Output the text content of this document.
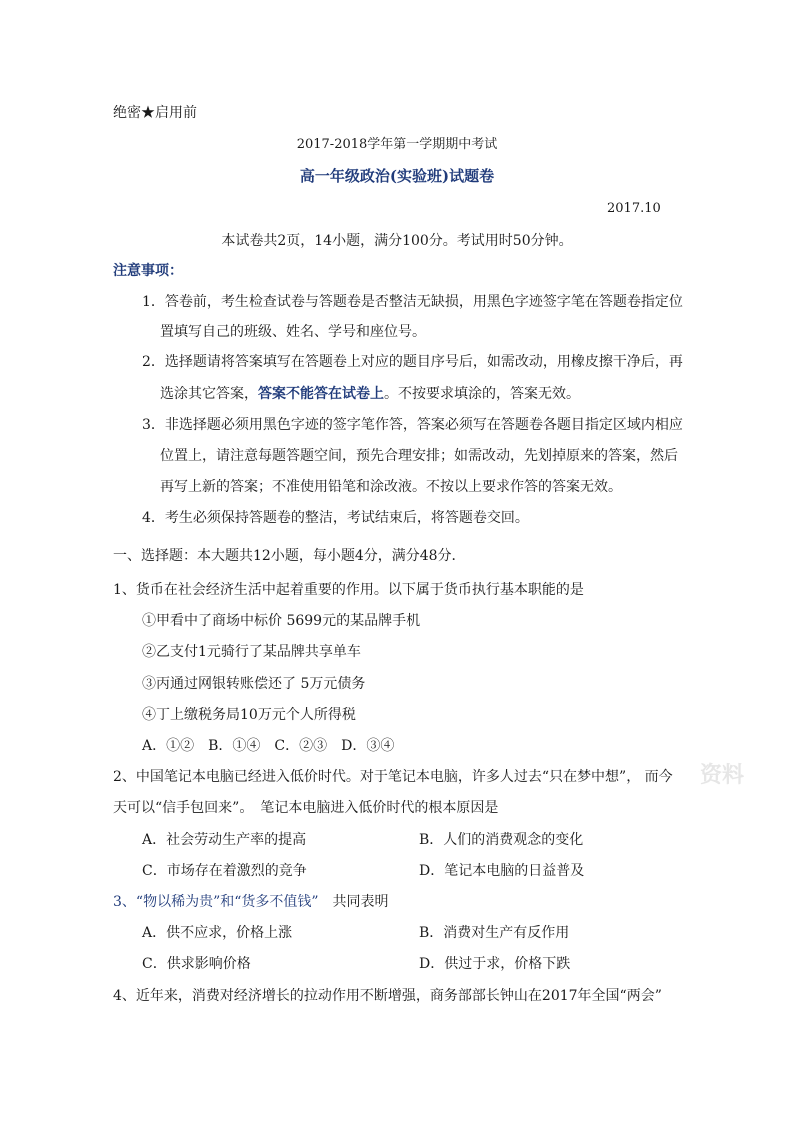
绝密★启用前
2017-2018学年第一学期期中考试
高一年级政治(实验班)试题卷
2017.10
本试卷共2页，14小题，满分100分。考试用时50分钟。
注意事项：
1．答卷前，考生检查试卷与答题卷是否整洁无缺损，用黑色字迹签字笔在答题卷指定位
置填写自己的班级、姓名、学号和座位号。
2．选择题请将答案填写在答题卷上对应的题目序号后，如需改动，用橡皮擦干净后，再
选涂其它答案，答案不能答在试卷上。不按要求填涂的，答案无效。
3．非选择题必须用黑色字迹的签字笔作答，答案必须写在答题卷各题目指定区域内相应
位置上，请注意每题答题空间，预先合理安排；如需改动，先划掉原来的答案，然后
再写上新的答案；不准使用铅笔和涂改液。不按以上要求作答的答案无效。
4．考生必须保持答题卷的整洁，考试结束后，将答题卷交回。
一、选择题：本大题共12小题，每小题4分，满分48分．
1、货币在社会经济生活中起着重要的作用。以下属于货币执行基本职能的是
①甲看中了商场中标价 5699元的某品牌手机
②乙支付1元骑行了某品牌共享单车
③丙通过网银转账偿还了 5万元债务
④丁上缴税务局10万元个人所得税
A．①②　B．①④　C．②③　D．③④
2、中国笔记本电脑已经进入低价时代。对于笔记本电脑，许多人过去“只在梦中想”， 而今 资料
天可以“信手包回来”。　笔记本电脑进入低价时代的根本原因是
A．社会劳动生产率的提高	B．人们的消费观念的变化
C．市场存在着激烈的竞争	D．笔记本电脑的日益普及
3、“物以稀为贵”和“货多不值钱”　共同表明
A．供不应求，价格上涨	B．消费对生产有反作用
C．供求影响价格	D．供过于求，价格下跌
4、近年来，消费对经济增长的拉动作用不断增强，商务部部长钟山在2017年全国“两会”
